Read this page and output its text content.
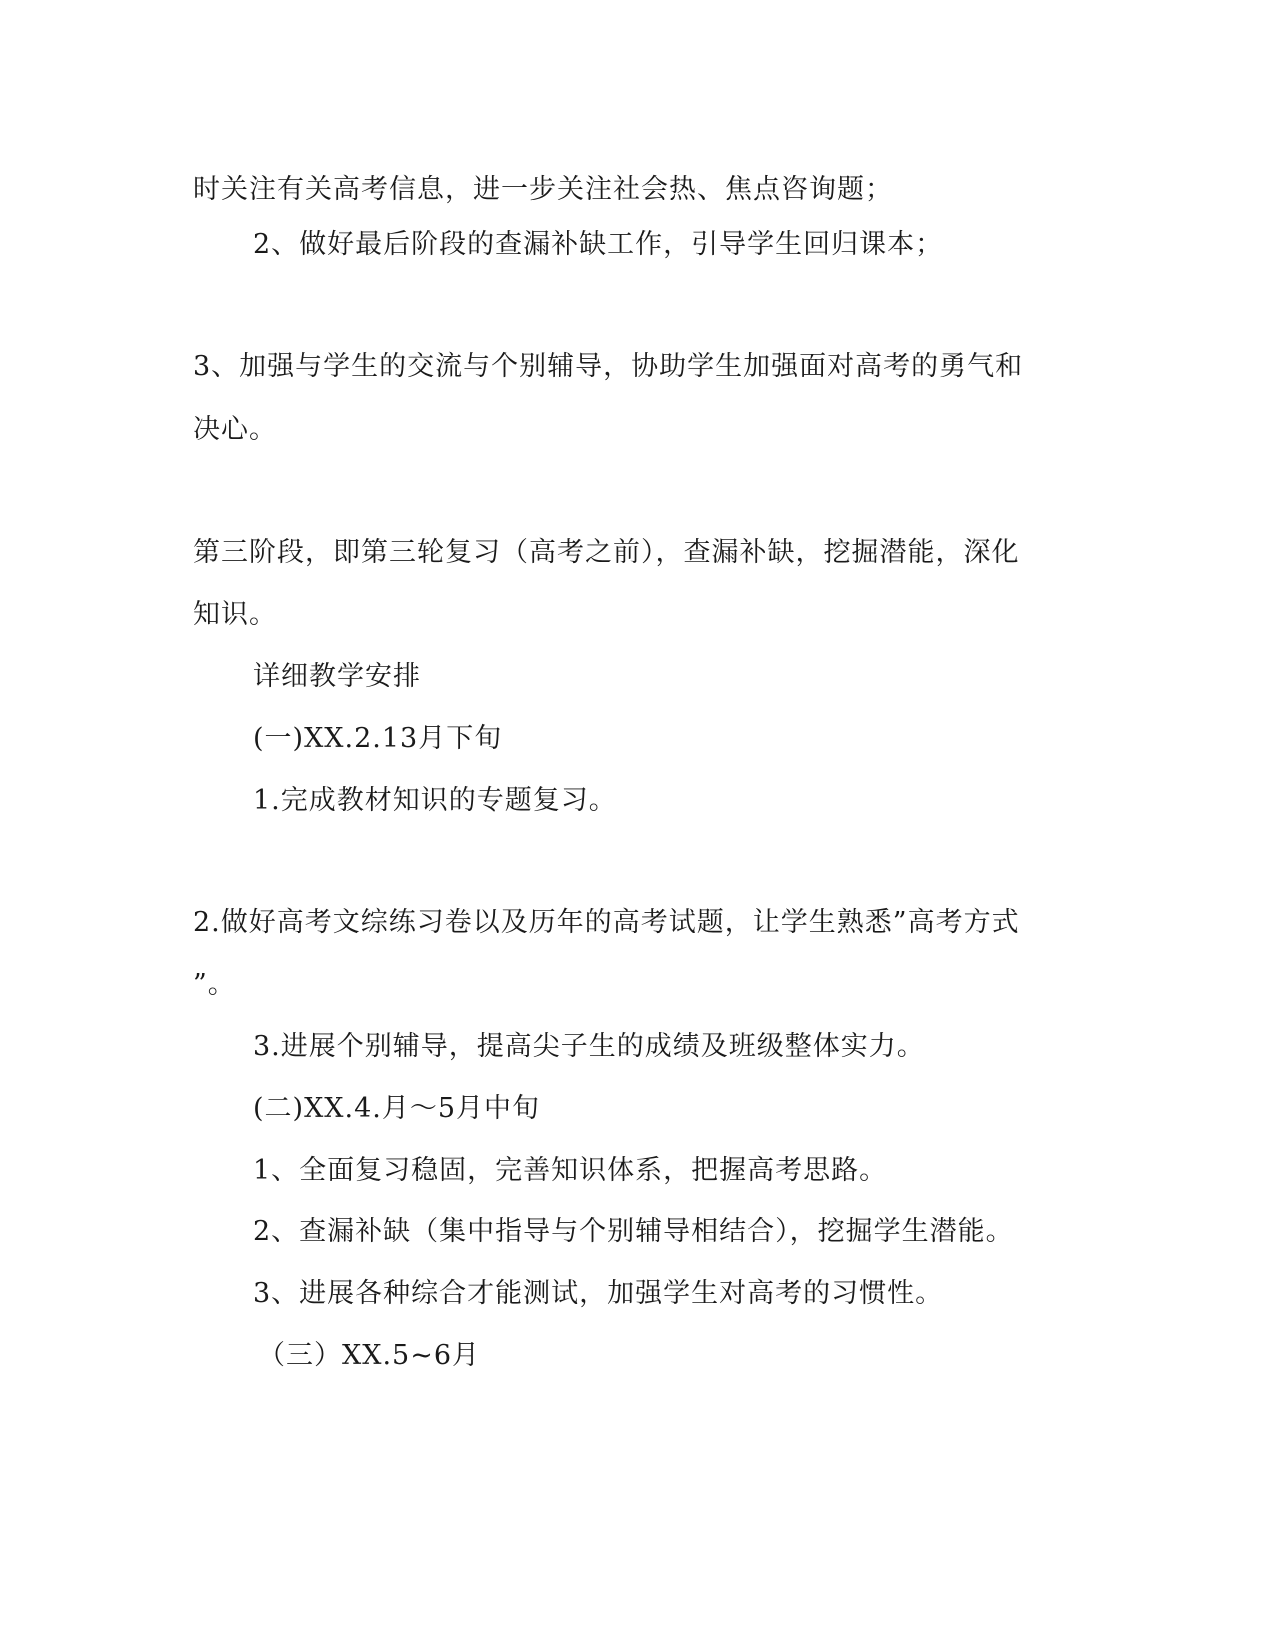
时关注有关高考信息，进一步关注社会热、焦点咨询题；

2、做好最后阶段的查漏补缺工作，引导学生回归课本；

3、加强与学生的交流与个别辅导，协助学生加强面对高考的勇气和

决心。

第三阶段，即第三轮复习（高考之前），查漏补缺，挖掘潜能，深化

知识。

详细教学安排

(一)XX.2.13月下旬

1.完成教材知识的专题复习。

2.做好高考文综练习卷以及历年的高考试题，让学生熟悉”高考方式

”。

3.进展个别辅导，提高尖子生的成绩及班级整体实力。

(二)XX.4.月～5月中旬

1、全面复习稳固，完善知识体系，把握高考思路。

2、查漏补缺（集中指导与个别辅导相结合），挖掘学生潜能。

3、进展各种综合才能测试，加强学生对高考的习惯性。

（三）XX.5~6月
